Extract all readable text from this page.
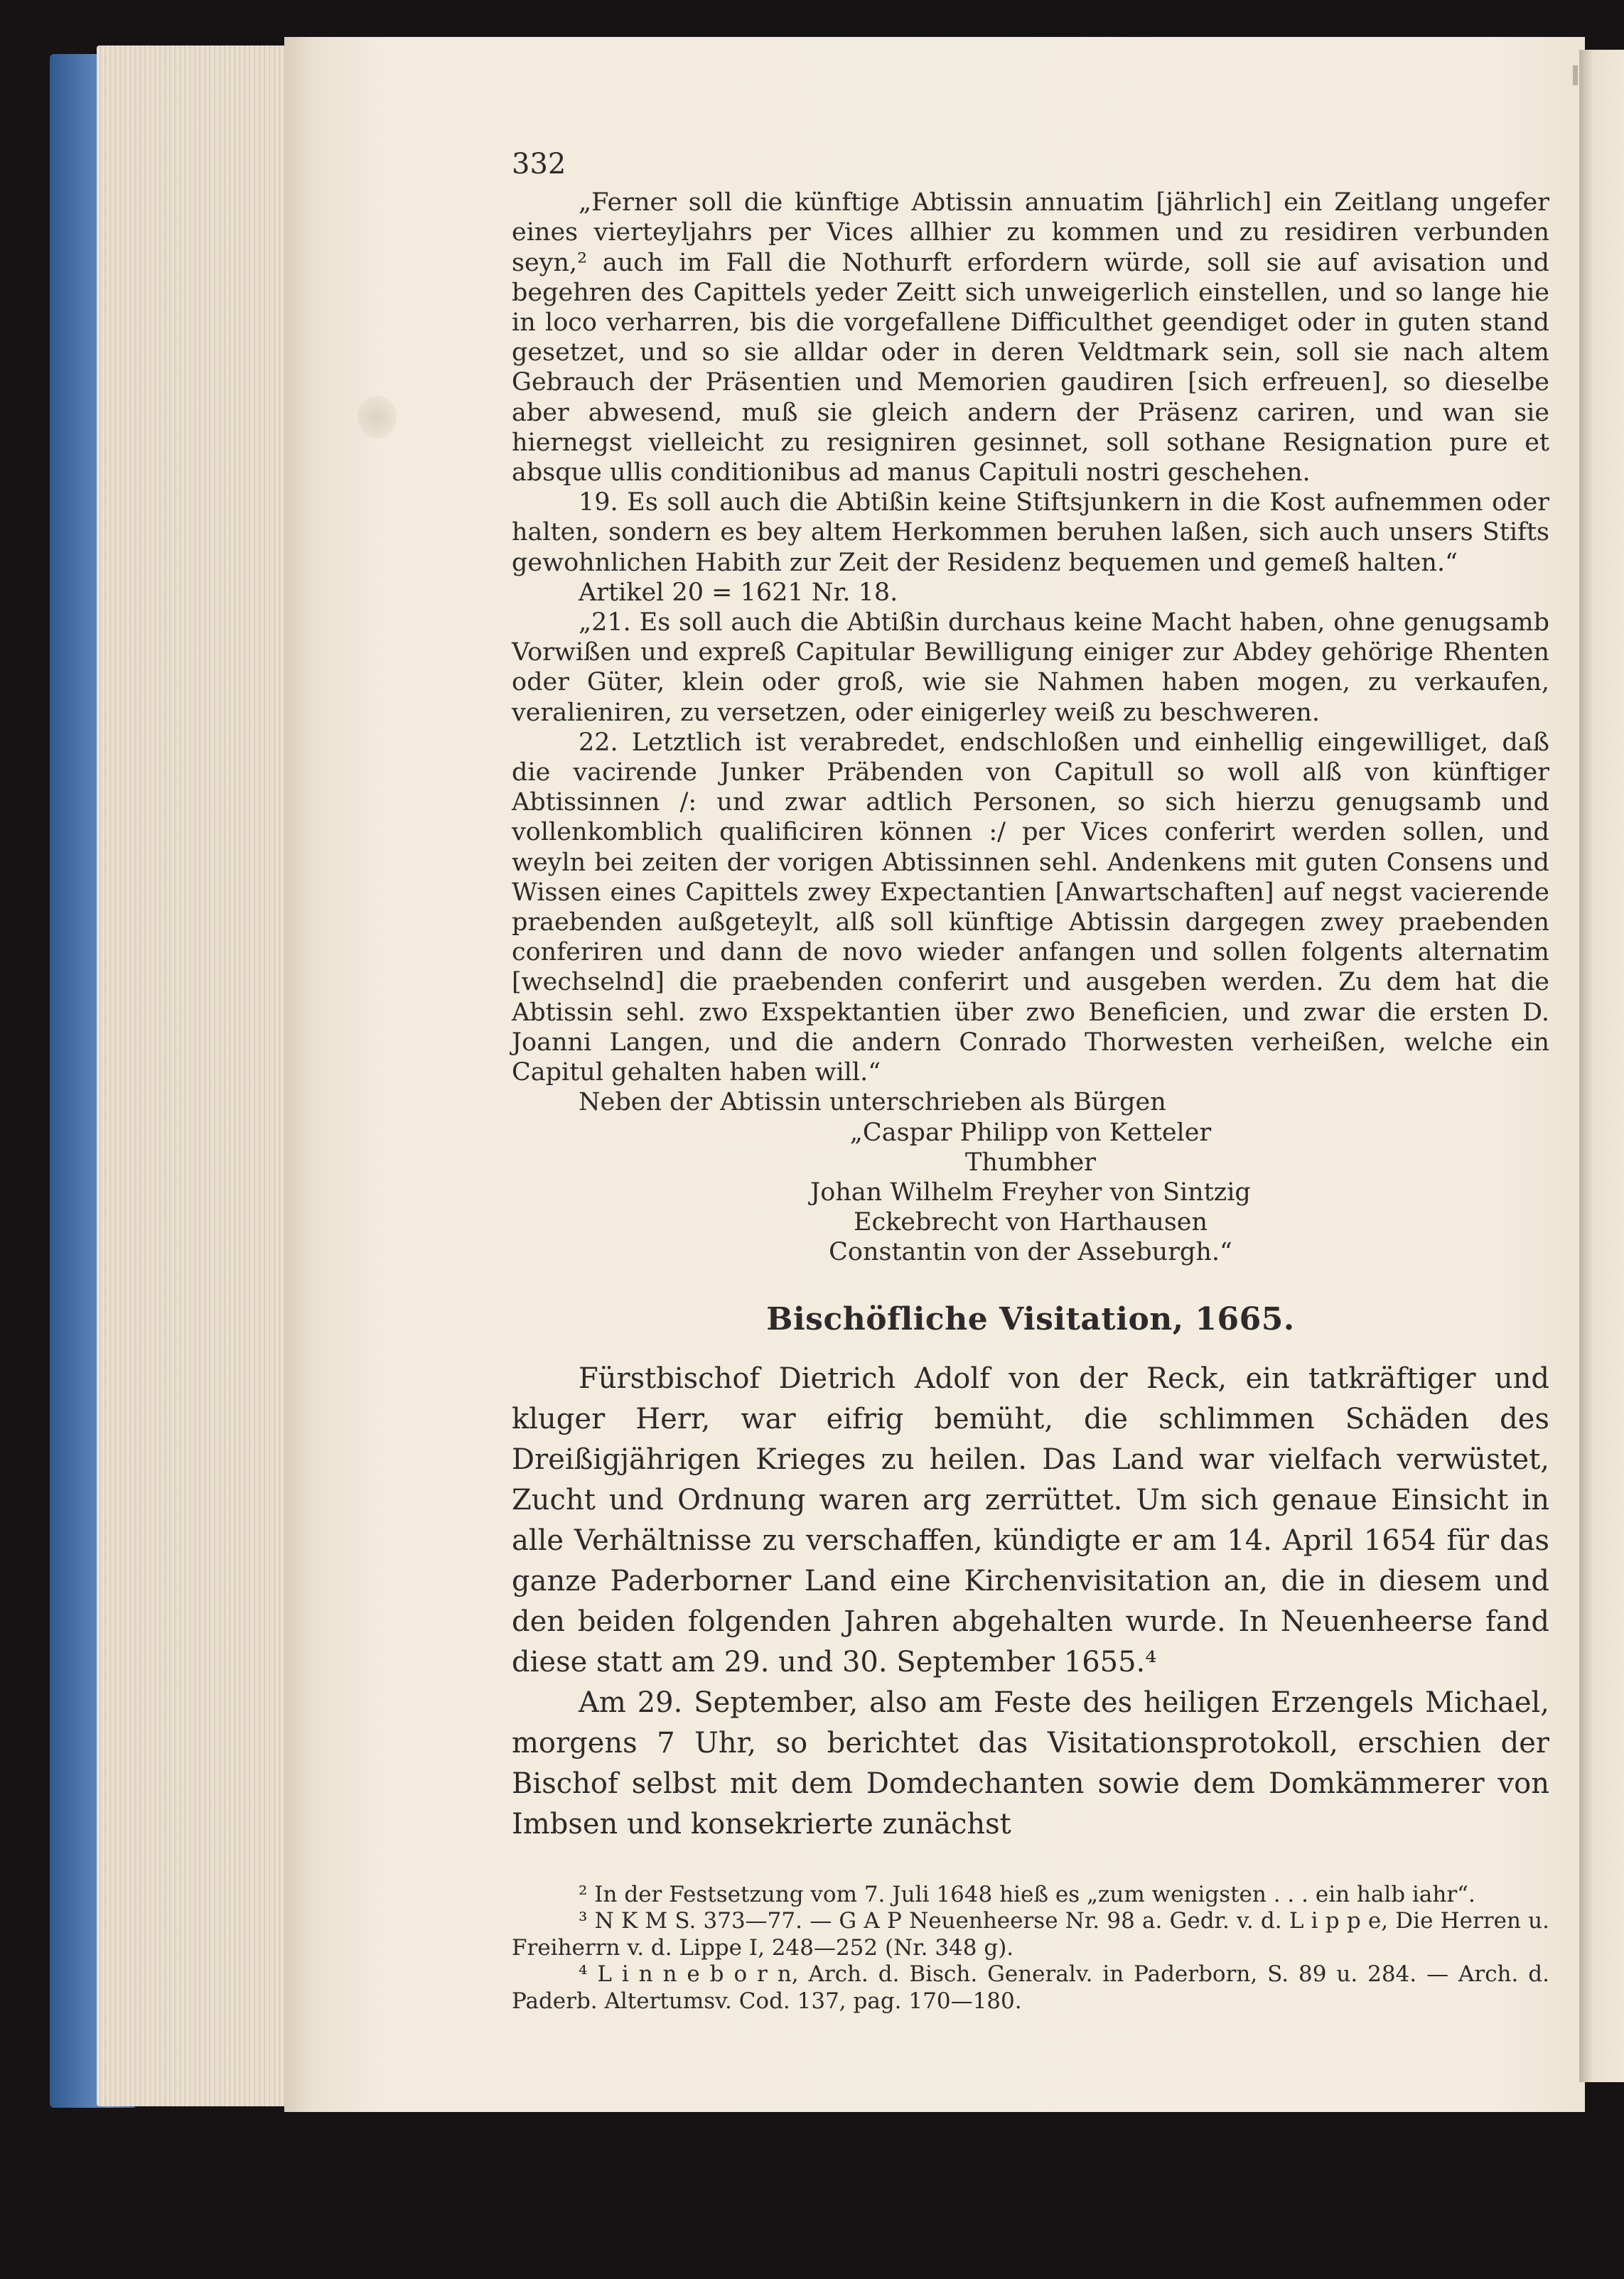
332

„Ferner soll die künftige Abtissin annuatim [jährlich] ein Zeitlang ungefer eines vierteyljahrs per Vices allhier zu kommen und zu residiren verbunden seyn,² auch im Fall die Nothurft erfordern würde, soll sie auf avisation und begehren des Capittels yeder Zeitt sich unweigerlich einstellen, und so lange hie in loco verharren, bis die vorgefallene Difficulthet geendiget oder in guten stand gesetzet, und so sie alldar oder in deren Veldtmark sein, soll sie nach altem Gebrauch der Präsentien und Memorien gaudiren [sich erfreuen], so dieselbe aber abwesend, muß sie gleich andern der Präsenz cariren, und wan sie hiernegst vielleicht zu resigniren gesinnet, soll sothane Resignation pure et absque ullis conditionibus ad manus Capituli nostri geschehen.

19. Es soll auch die Abtißin keine Stiftsjunkern in die Kost aufnemmen oder halten, sondern es bey altem Herkommen beruhen laßen, sich auch unsers Stifts gewohnlichen Habith zur Zeit der Residenz bequemen und gemeß halten.“

Artikel 20 = 1621 Nr. 18.

„21. Es soll auch die Abtißin durchaus keine Macht haben, ohne genugsamb Vorwißen und expreß Capitular Bewilligung einiger zur Abdey gehörige Rhenten oder Güter, klein oder groß, wie sie Nahmen haben mogen, zu verkaufen, veralieniren, zu versetzen, oder einigerley weiß zu beschweren.

22. Letztlich ist verabredet, endschloßen und einhellig eingewilliget, daß die vacirende Junker Präbenden von Capitull so woll alß von künftiger Abtissinnen /: und zwar adtlich Personen, so sich hierzu genugsamb und vollenkomblich qualificiren können :/ per Vices conferirt werden sollen, und weyln bei zeiten der vorigen Abtissinnen sehl. Andenkens mit guten Consens und Wissen eines Capittels zwey Expectantien [Anwartschaften] auf negst vacierende praebenden außgeteylt, alß soll künftige Abtissin dargegen zwey praebenden conferiren und dann de novo wieder anfangen und sollen folgents alternatim [wechselnd] die praebenden conferirt und ausgeben werden. Zu dem hat die Abtissin sehl. zwo Exspektantien über zwo Beneficien, und zwar die ersten D. Joanni Langen, und die andern Conrado Thorwesten verheißen, welche ein Capitul gehalten haben will.“

Neben der Abtissin unterschrieben als Bürgen

„Caspar Philipp von Ketteler
Thumbher
Johan Wilhelm Freyher von Sintzig
Eckebrecht von Harthausen
Constantin von der Asseburgh.“
Bischöfliche Visitation, 1665.

Fürstbischof Dietrich Adolf von der Reck, ein tatkräftiger und kluger Herr, war eifrig bemüht, die schlimmen Schäden des Dreißigjährigen Krieges zu heilen. Das Land war vielfach verwüstet, Zucht und Ordnung waren arg zerrüttet. Um sich genaue Einsicht in alle Verhältnisse zu verschaffen, kündigte er am 14. April 1654 für das ganze Paderborner Land eine Kirchenvisitation an, die in diesem und den beiden folgenden Jahren abgehalten wurde. In Neuenheerse fand diese statt am 29. und 30. September 1655.⁴

Am 29. September, also am Feste des heiligen Erzengels Michael, morgens 7 Uhr, so berichtet das Visitationsprotokoll, erschien der Bischof selbst mit dem Domdechanten sowie dem Domkämmerer von Imbsen und konsekrierte zunächst

² In der Festsetzung vom 7. Juli 1648 hieß es „zum wenigsten . . . ein halb iahr“.

³ N K M S. 373—77. — G A P Neuenheerse Nr. 98 a. Gedr. v. d. L i p p e, Die Herren u. Freiherrn v. d. Lippe I, 248—252 (Nr. 348 g).

⁴ L i n n e b o r n, Arch. d. Bisch. Generalv. in Paderborn, S. 89 u. 284. — Arch. d. Paderb. Altertumsv. Cod. 137, pag. 170—180.
